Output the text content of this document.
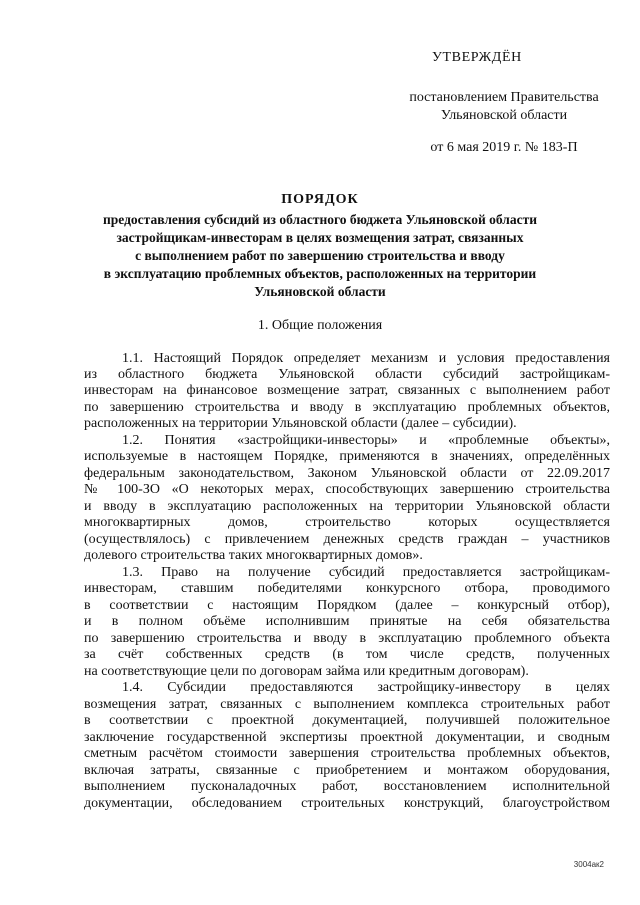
УТВЕРЖДЁН
постановлением Правительства
Ульяновской области
от 6 мая 2019 г. № 183-П
ПОРЯДОК
предоставления субсидий из областного бюджета Ульяновской области
застройщикам-инвесторам в целях возмещения затрат, связанных
с выполнением работ по завершению строительства и вводу
в эксплуатацию проблемных объектов, расположенных на территории
Ульяновской области
1. Общие положения
1.1. Настоящий Порядок определяет механизм и условия предоставления
из областного бюджета Ульяновской области субсидий застройщикам-
инвесторам на финансовое возмещение затрат, связанных с выполнением работ
по завершению строительства и вводу в эксплуатацию проблемных объектов,
расположенных на территории Ульяновской области (далее – субсидии).
1.2. Понятия «застройщики-инвесторы» и «проблемные объекты»,
используемые в настоящем Порядке, применяются в значениях, определённых
федеральным законодательством, Законом Ульяновской области от 22.09.2017
№ 100-ЗО «О некоторых мерах, способствующих завершению строительства
и вводу в эксплуатацию расположенных на территории Ульяновской области
многоквартирных домов, строительство которых осуществляется
(осуществлялось) с привлечением денежных средств граждан – участников
долевого строительства таких многоквартирных домов».
1.3. Право на получение субсидий предоставляется застройщикам-
инвесторам, ставшим победителями конкурсного отбора, проводимого
в соответствии с настоящим Порядком (далее – конкурсный отбор),
и в полном объёме исполнившим принятые на себя обязательства
по завершению строительства и вводу в эксплуатацию проблемного объекта
за счёт собственных средств (в том числе средств, полученных
на соответствующие цели по договорам займа или кредитным договорам).
1.4. Субсидии предоставляются застройщику-инвестору в целях
возмещения затрат, связанных с выполнением комплекса строительных работ
в соответствии с проектной документацией, получившей положительное
заключение государственной экспертизы проектной документации, и сводным
сметным расчётом стоимости завершения строительства проблемных объектов,
включая затраты, связанные с приобретением и монтажом оборудования,
выполнением пусконаладочных работ, восстановлением исполнительной
документации, обследованием строительных конструкций, благоустройством
3004ак2
